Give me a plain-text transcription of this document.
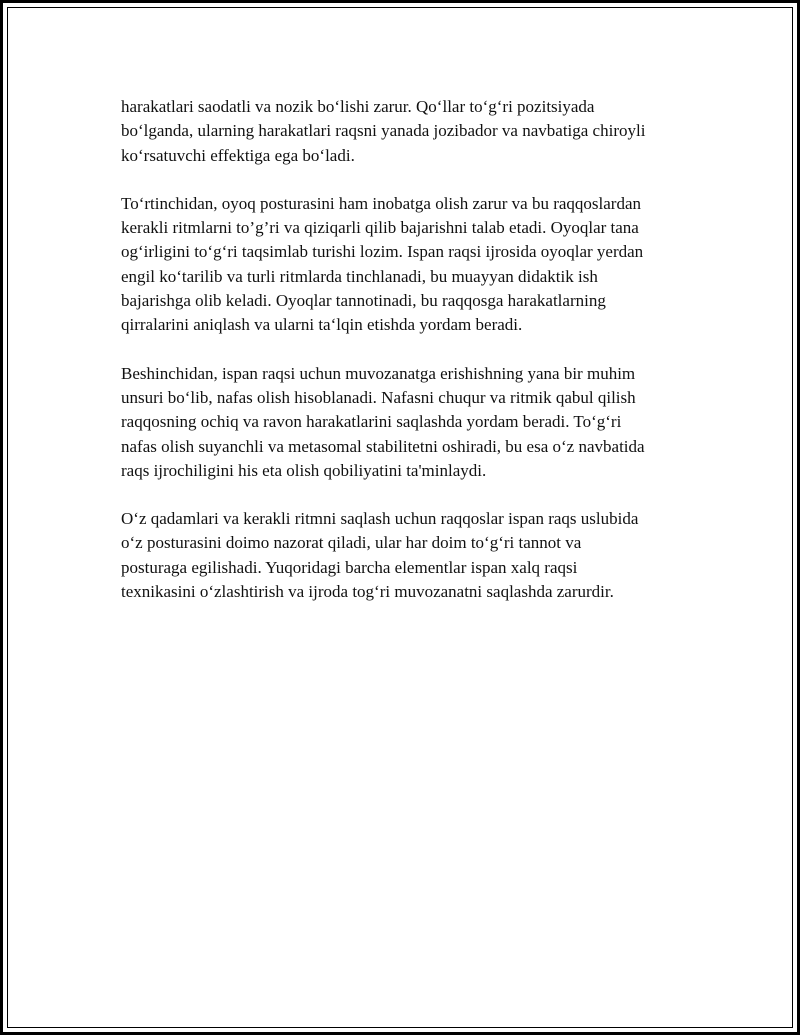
harakatlari saodatli va nozik bo‘lishi zarur. Qo‘llar to‘g‘ri pozitsiyada
bo‘lganda, ularning harakatlari raqsni yanada jozibador va navbatiga chiroyli
ko‘rsatuvchi effektiga ega bo‘ladi.

To‘rtinchidan, oyoq posturasini ham inobatga olish zarur va bu raqqoslardan
kerakli ritmlarni to’g’ri va qiziqarli qilib bajarishni talab etadi. Oyoqlar tana
og‘irligini to‘g‘ri taqsimlab turishi lozim. Ispan raqsi ijrosida oyoqlar yerdan
engil ko‘tarilib va turli ritmlarda tinchlanadi, bu muayyan didaktik ish
bajarishga olib keladi. Oyoqlar tannotinadi, bu raqqosga harakatlarning
qirralarini aniqlash va ularni ta‘lqin etishda yordam beradi.

Beshinchidan, ispan raqsi uchun muvozanatga erishishning yana bir muhim
unsuri bo‘lib, nafas olish hisoblanadi. Nafasni chuqur va ritmik qabul qilish
raqqosning ochiq va ravon harakatlarini saqlashda yordam beradi. To‘g‘ri
nafas olish suyanchli va metasomal stabilitetni oshiradi, bu esa o‘z navbatida
raqs ijrochiligini his eta olish qobiliyatini ta'minlaydi.

O‘z qadamlari va kerakli ritmni saqlash uchun raqqoslar ispan raqs uslubida
o‘z posturasini doimo nazorat qiladi, ular har doim to‘g‘ri tannot va
posturaga egilishadi. Yuqoridagi barcha elementlar ispan xalq raqsi
texnikasini o‘zlashtirish va ijroda tog‘ri muvozanatni saqlashda zarurdir.
